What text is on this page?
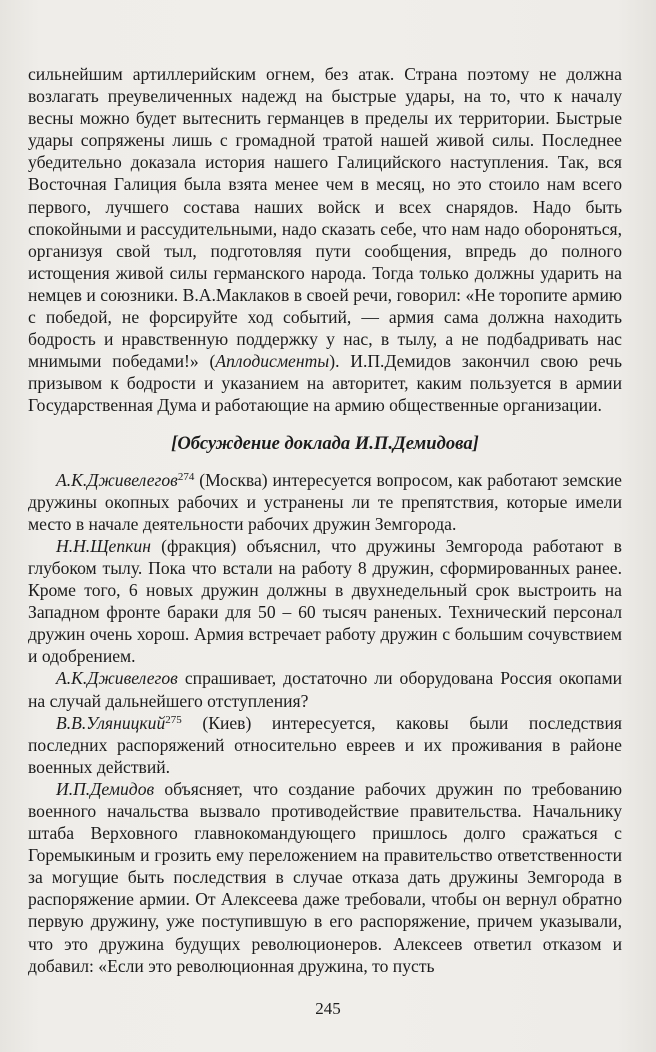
сильнейшим артиллерийским огнем, без атак. Страна поэтому не должна возлагать преувеличенных надежд на быстрые удары, на то, что к началу весны можно будет вытеснить германцев в пределы их территории. Быстрые удары сопряжены лишь с громадной тратой нашей живой силы. Последнее убедительно доказала история нашего Галицийского наступления. Так, вся Восточная Галиция была взята менее чем в месяц, но это стоило нам всего первого, лучшего состава наших войск и всех снарядов. Надо быть спокойными и рассудительными, надо сказать себе, что нам надо обороняться, организуя свой тыл, подготовляя пути сообщения, впредь до полного истощения живой силы германского народа. Тогда только должны ударить на немцев и союзники. В.А.Маклаков в своей речи, говорил: «Не торопите армию с победой, не форсируйте ход событий, — армия сама должна находить бодрость и нравственную поддержку у нас, в тылу, а не подбадривать нас мнимыми победами!» (Аплодисменты). И.П.Демидов закончил свою речь призывом к бодрости и указанием на авторитет, каким пользуется в армии Государственная Дума и работающие на армию общественные организации.

[Обсуждение доклада И.П.Демидова]

А.К.Дживелегов$^{274}$ (Москва) интересуется вопросом, как работают земские дружины окопных рабочих и устранены ли те препятствия, которые имели место в начале деятельности рабочих дружин Земгорода.

Н.Н.Щепкин (фракция) объяснил, что дружины Земгорода работают в глубоком тылу. Пока что встали на работу 8 дружин, сформированных ранее. Кроме того, 6 новых дружин должны в двухнедельный срок выстроить на Западном фронте бараки для 50 – 60 тысяч раненых. Технический персонал дружин очень хорош. Армия встречает работу дружин с большим сочувствием и одобрением.

А.К.Дживелегов спрашивает, достаточно ли оборудована Россия окопами на случай дальнейшего отступления?

В.В.Уляницкий$^{275}$ (Киев) интересуется, каковы были последствия последних распоряжений относительно евреев и их проживания в районе военных действий.

И.П.Демидов объясняет, что создание рабочих дружин по требованию военного начальства вызвало противодействие правительства. Начальнику штаба Верховного главнокомандующего пришлось долго сражаться с Горемыкиным и грозить ему переложением на правительство ответственности за могущие быть последствия в случае отказа дать дружины Земгорода в распоряжение армии. От Алексеева даже требовали, чтобы он вернул обратно первую дружину, уже поступившую в его распоряжение, причем указывали, что это дружина будущих революционеров. Алексеев ответил отказом и добавил: «Если это революционная дружина, то пусть

245
